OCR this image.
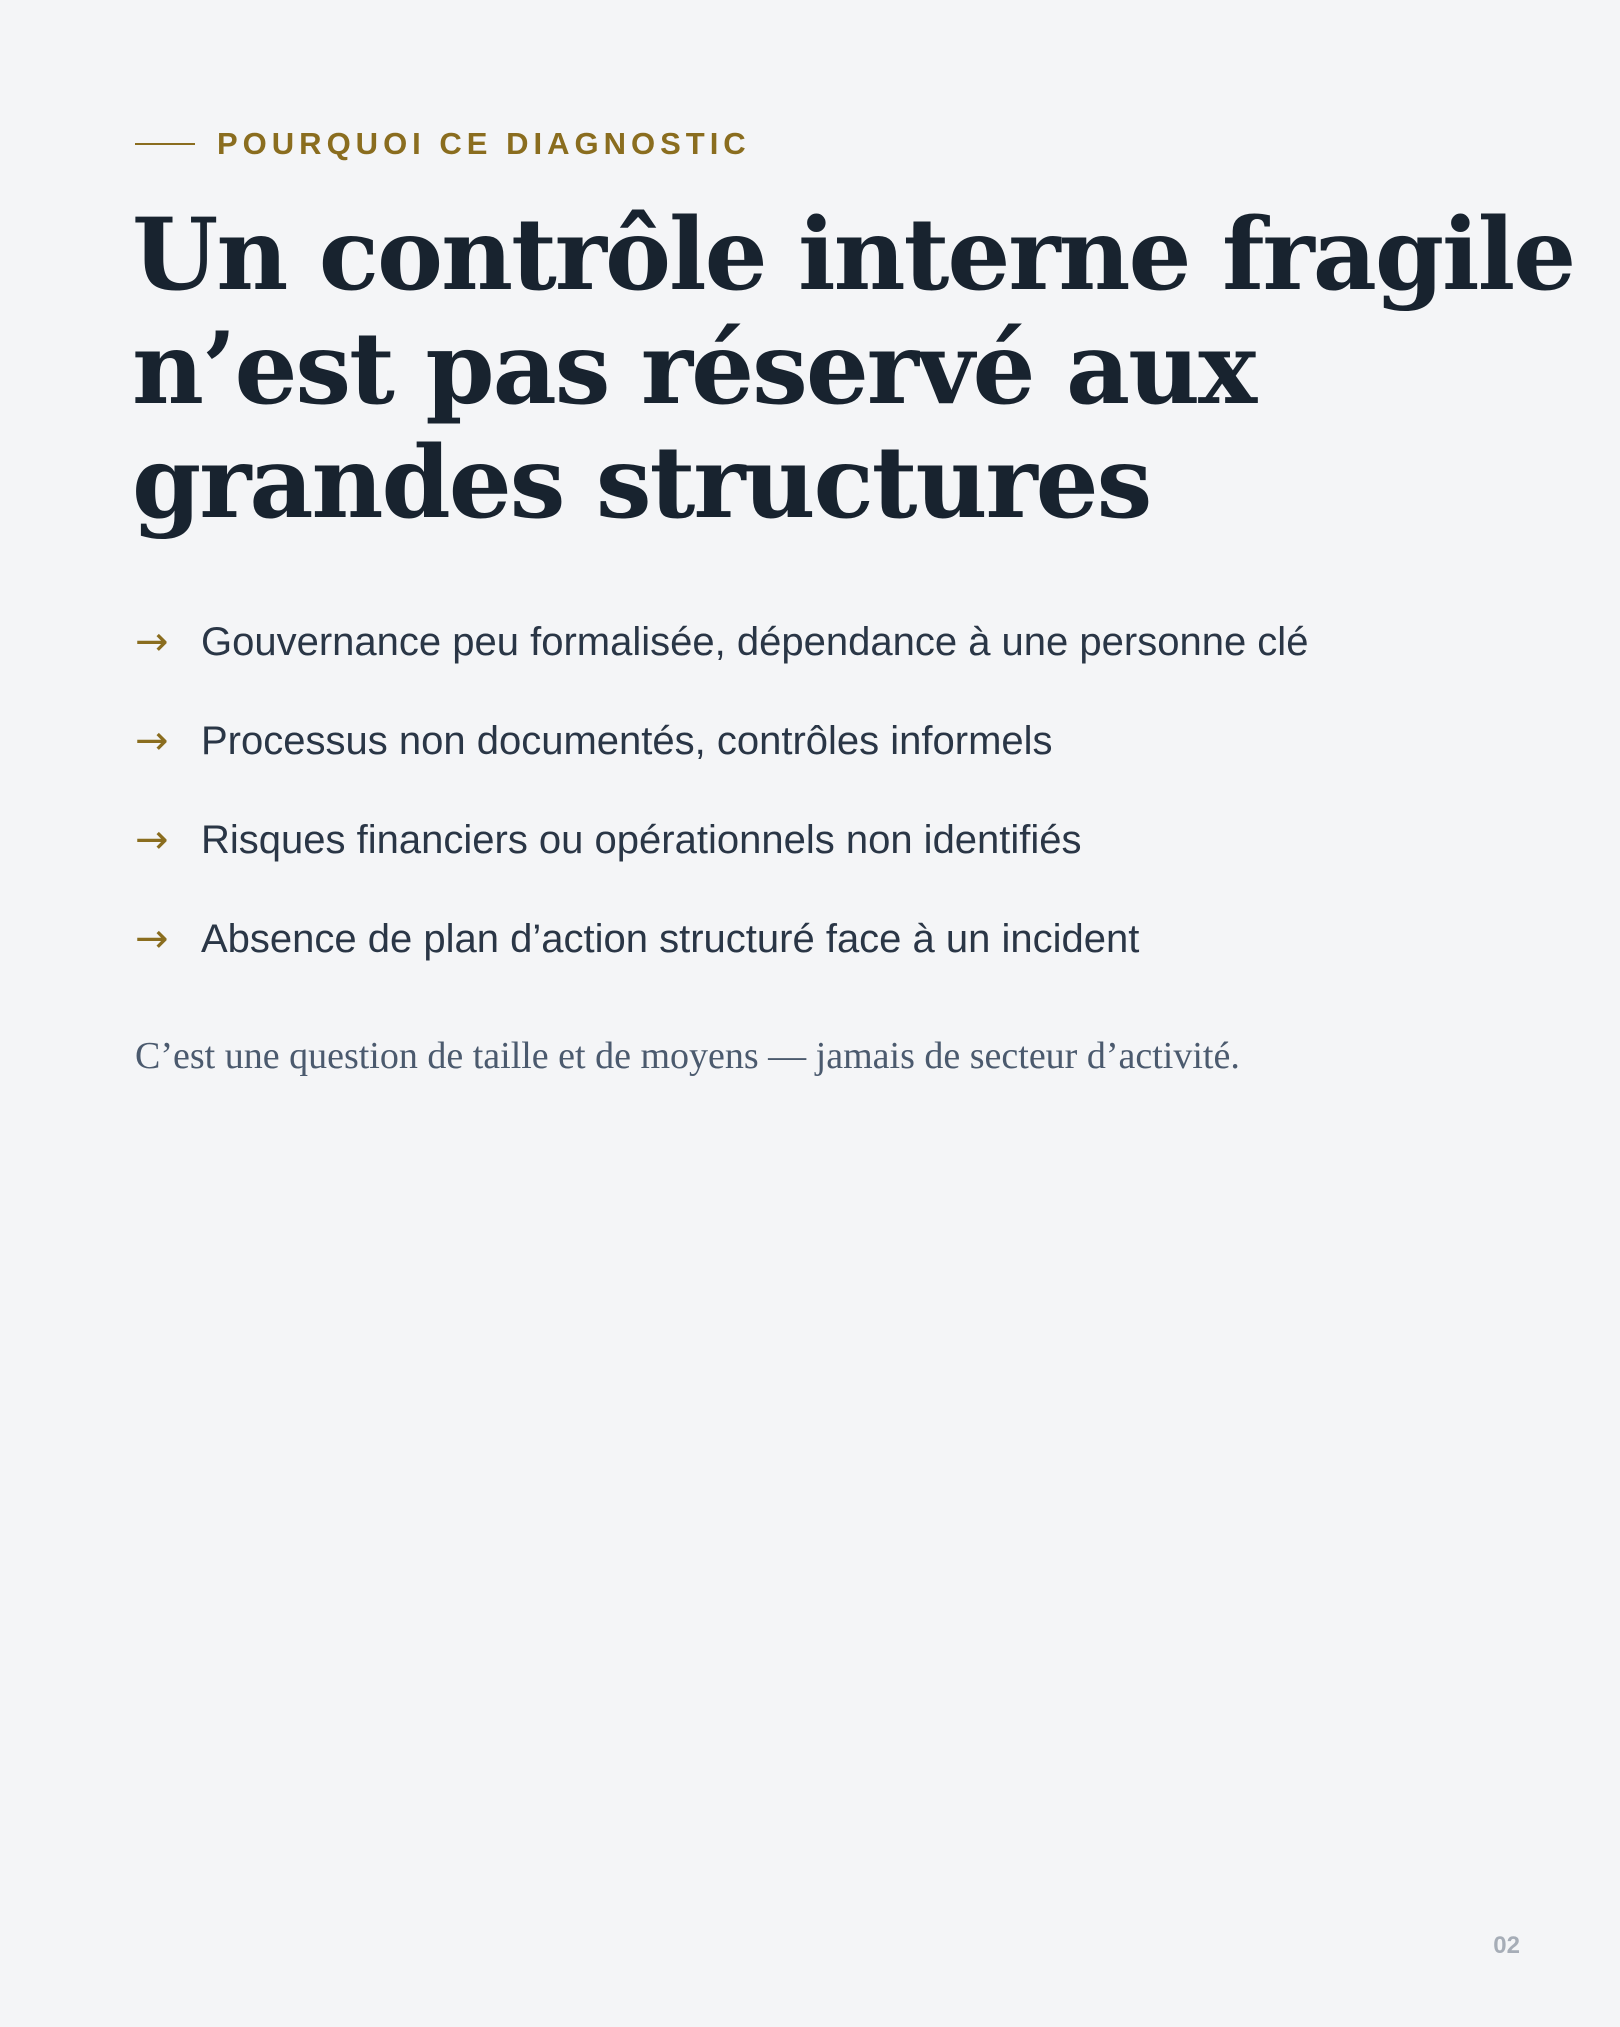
POURQUOI CE DIAGNOSTIC
Un contrôle interne fragile
n’est pas réservé aux
grandes structures
→ Gouvernance peu formalisée, dépendance à une personne clé
→ Processus non documentés, contrôles informels
→ Risques financiers ou opérationnels non identifiés
→ Absence de plan d’action structuré face à un incident

C’est une question de taille et de moyens — jamais de secteur d’activité.

02
